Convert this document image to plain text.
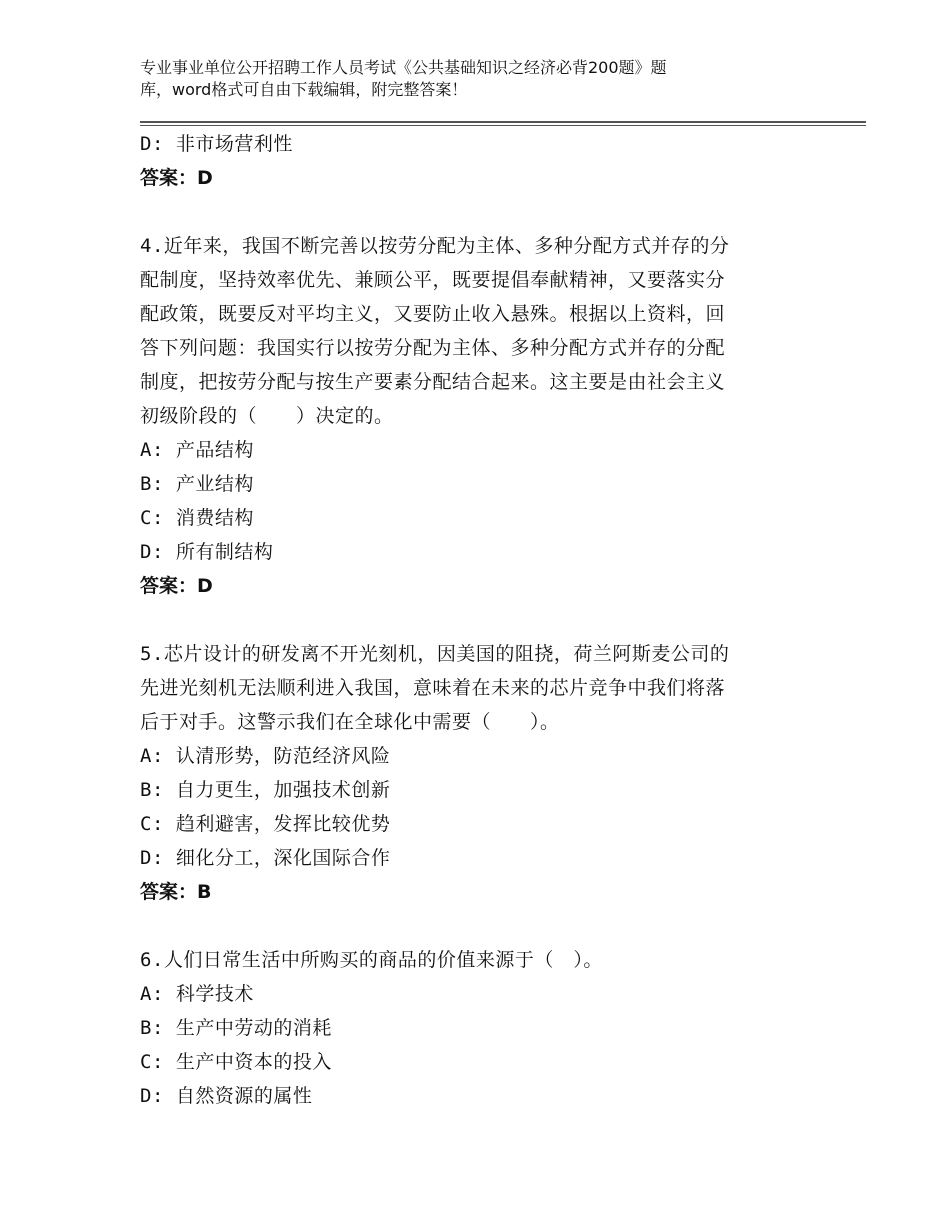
专业事业单位公开招聘工作人员考试《公共基础知识之经济必背200题》题
库，word格式可自由下载编辑，附完整答案！
D: 非市场营利性
答案：D
4.近年来，我国不断完善以按劳分配为主体、多种分配方式并存的分
配制度，坚持效率优先、兼顾公平，既要提倡奉献精神，又要落实分
配政策，既要反对平均主义，又要防止收入悬殊。根据以上资料，回
答下列问题：我国实行以按劳分配为主体、多种分配方式并存的分配
制度，把按劳分配与按生产要素分配结合起来。这主要是由社会主义
初级阶段的（　　）决定的。
A: 产品结构
B: 产业结构
C: 消费结构
D: 所有制结构
答案：D
5.芯片设计的研发离不开光刻机，因美国的阻挠，荷兰阿斯麦公司的
先进光刻机无法顺利进入我国，意味着在未来的芯片竞争中我们将落
后于对手。这警示我们在全球化中需要（　　）。
A: 认清形势，防范经济风险
B: 自力更生，加强技术创新
C: 趋利避害，发挥比较优势
D: 细化分工，深化国际合作
答案：B
6.人们日常生活中所购买的商品的价值来源于（　）。
A: 科学技术
B: 生产中劳动的消耗
C: 生产中资本的投入
D: 自然资源的属性
